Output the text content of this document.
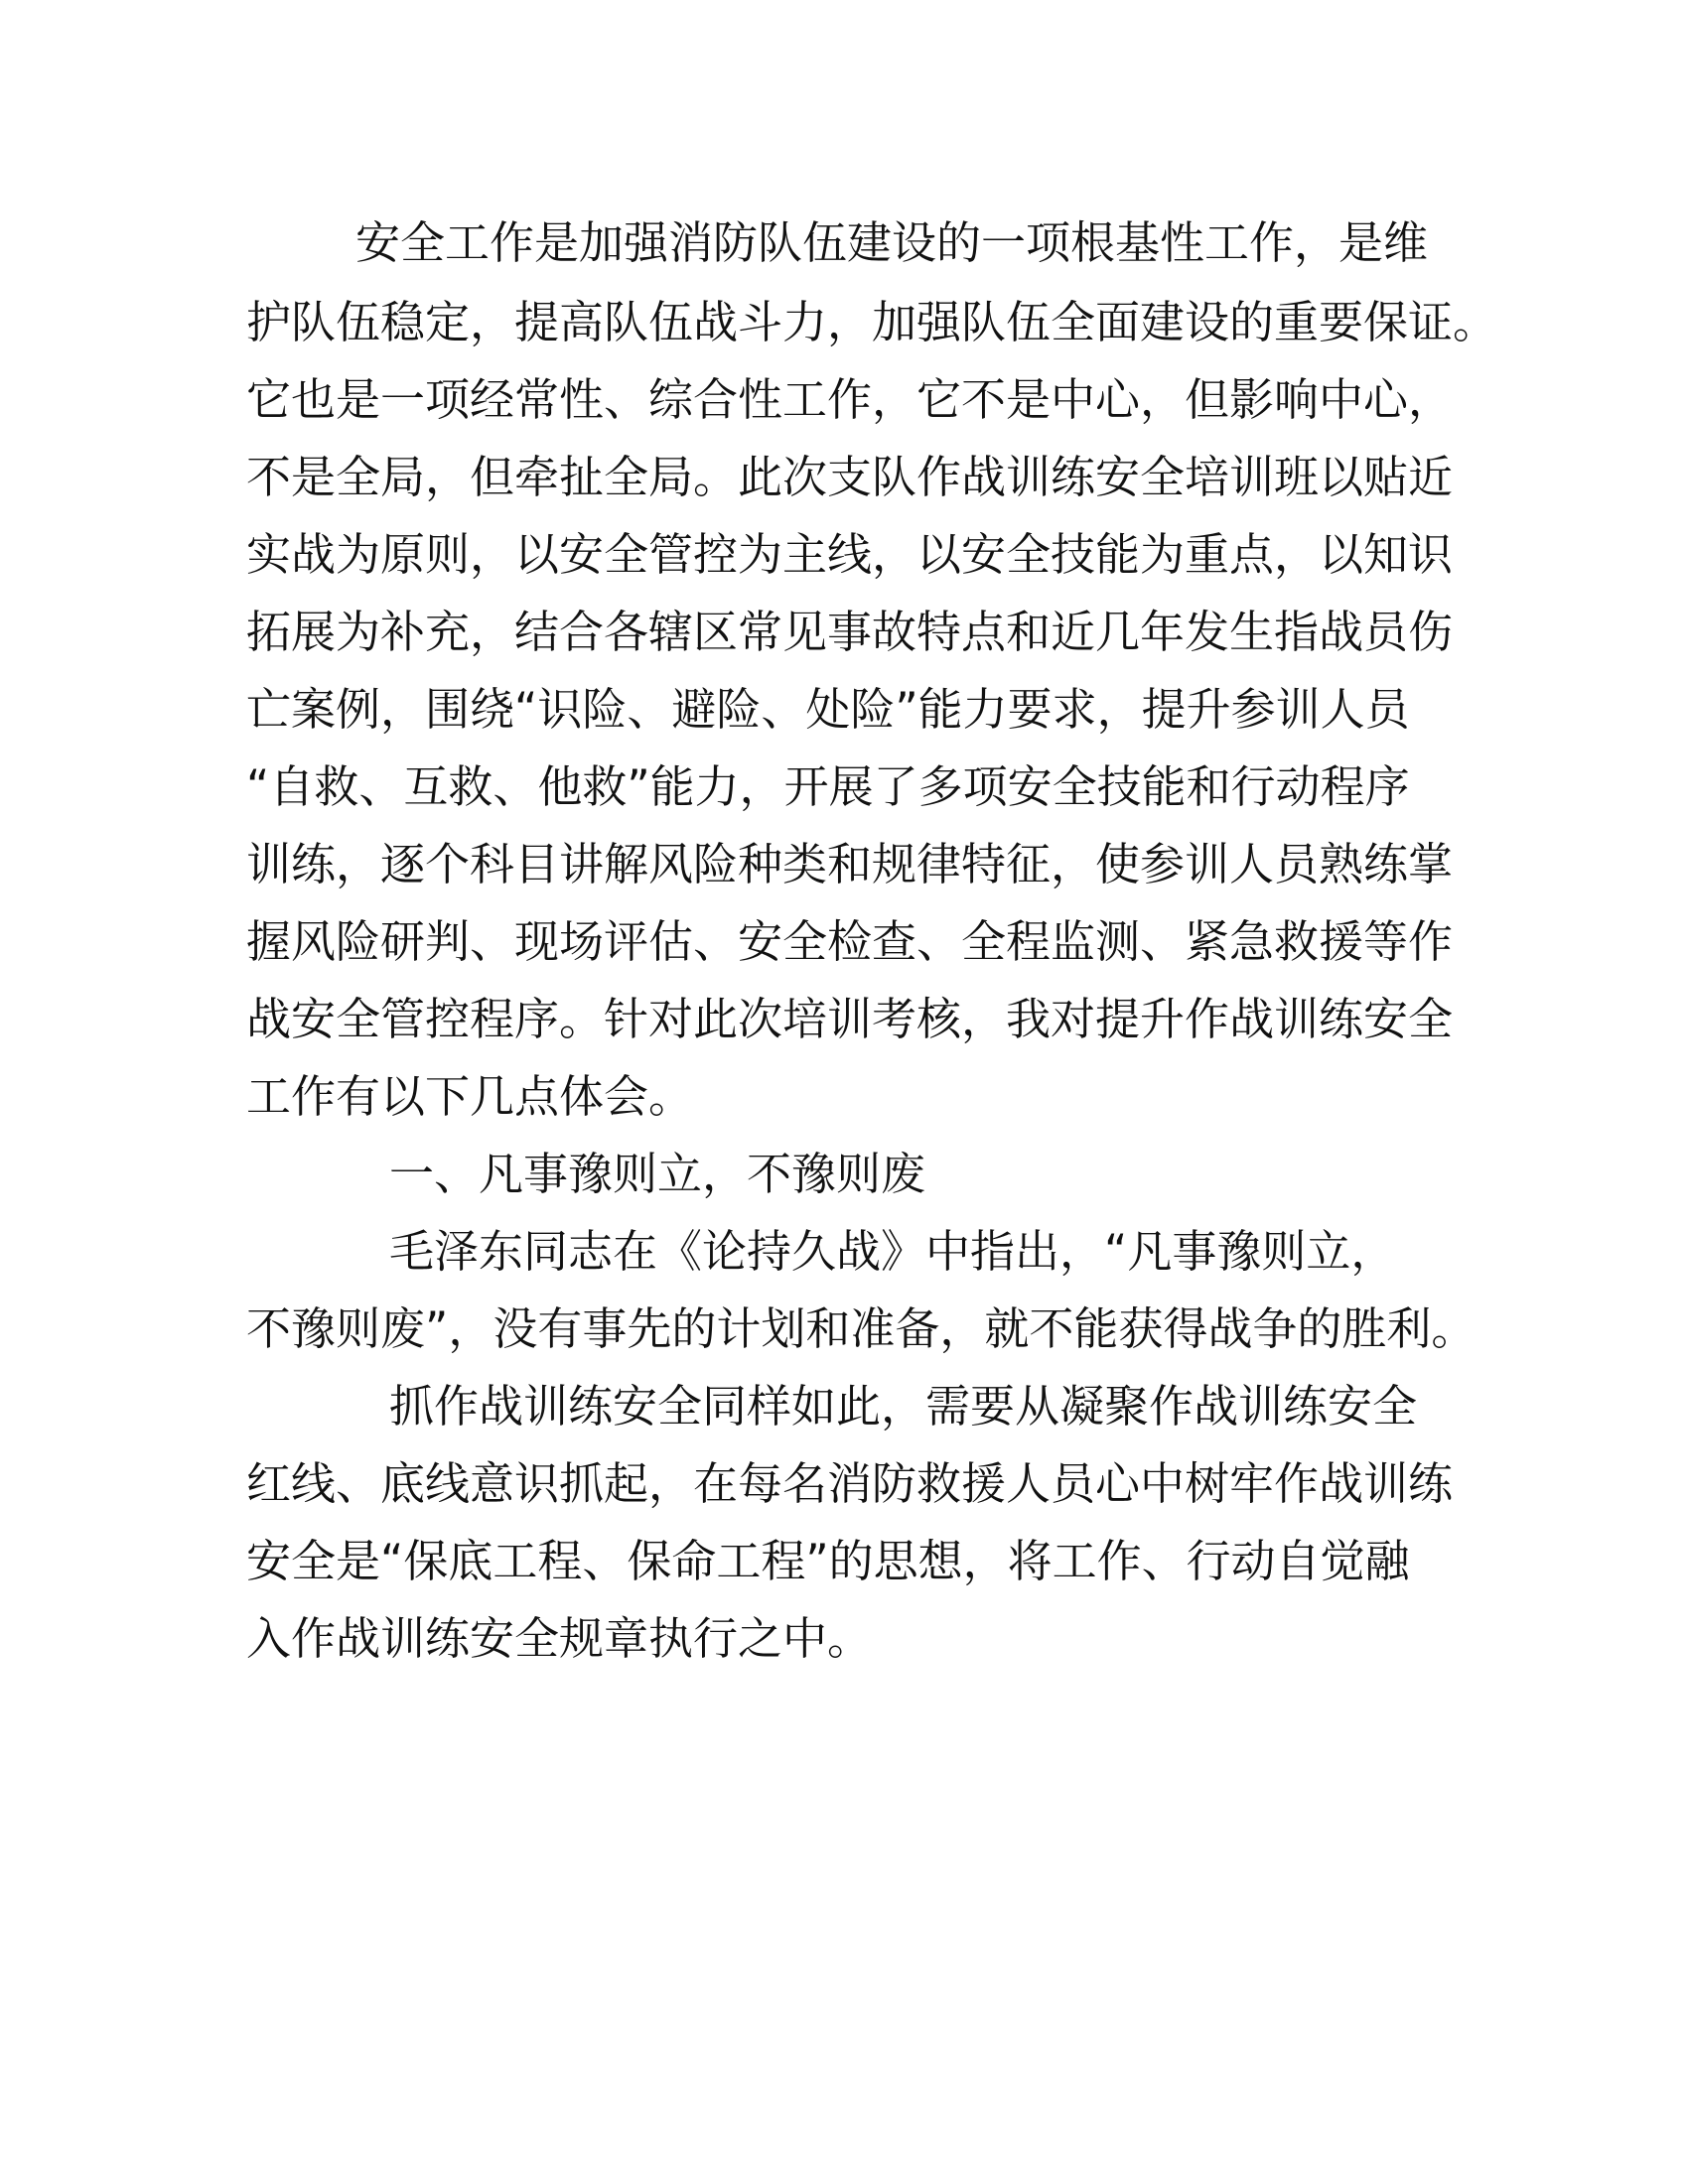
安全工作是加强消防队伍建设的一项根基性工作，是维

护队伍稳定，提高队伍战斗力，加强队伍全面建设的重要保证。

它也是一项经常性、综合性工作，它不是中心，但影响中心，

不是全局，但牵扯全局。此次支队作战训练安全培训班以贴近

实战为原则，以安全管控为主线，以安全技能为重点，以知识

拓展为补充，结合各辖区常见事故特点和近几年发生指战员伤

亡案例，围绕“识险、避险、处险”能力要求，提升参训人员

“自救、互救、他救”能力，开展了多项安全技能和行动程序

训练，逐个科目讲解风险种类和规律特征，使参训人员熟练掌

握风险研判、现场评估、安全检查、全程监测、紧急救援等作

战安全管控程序。针对此次培训考核，我对提升作战训练安全

工作有以下几点体会。

一、凡事豫则立，不豫则废

毛泽东同志在《论持久战》中指出，“凡事豫则立，

不豫则废”，没有事先的计划和准备，就不能获得战争的胜利。

抓作战训练安全同样如此，需要从凝聚作战训练安全

红线、底线意识抓起，在每名消防救援人员心中树牢作战训练

安全是“保底工程、保命工程”的思想，将工作、行动自觉融

入作战训练安全规章执行之中。
